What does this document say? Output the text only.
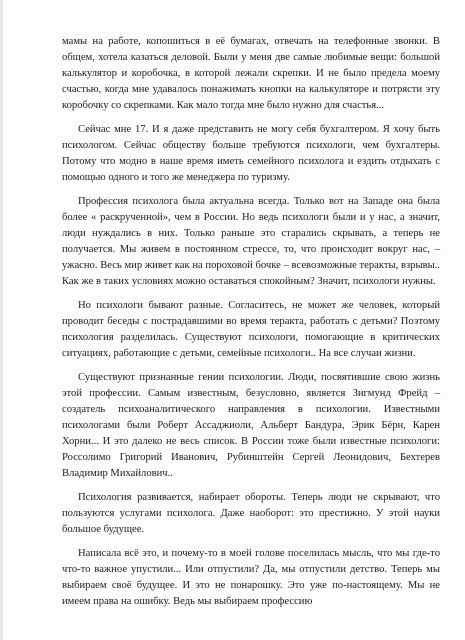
мамы на работе, копошиться в её бумагах, отвечать на телефонные звонки. В общем, хотела казаться деловой. Были у меня две самые любимые вещи: большой калькулятор и коробочка, в которой лежали скрепки. И не было предела моему счастью, когда мне удавалось понажимать кнопки на калькуляторе и потрясти эту коробочку со скрепками. Как мало тогда мне было нужно для счастья...

Сейчас мне 17. И я даже представить не могу себя бухгалтером. Я хочу быть психологом. Сейчас обществу больше требуются психологи, чем бухгалтеры. Потому что модно в наше время иметь семейного психолога и ездить отдыхать с помощью одного и того же менеджера по туризму.

Профессия психолога была актуальна всегда. Только вот на Западе она была более « раскрученной», чем в России. Но ведь психологи были и у нас, а значит, люди нуждались в них. Только раньше это старались скрывать, а теперь не получается. Мы живем в постоянном стрессе, то, что происходит вокруг нас, – ужасно. Весь мир живет как на пороховой бочке – всевозможные теракты, взрывы.. Как же в таких условиях можно оставаться спокойным? Значит, психологи нужны.

Но психологи бывают разные. Согласитесь, не может же человек, который проводит беседы с пострадавшими во время теракта, работать с детьми? Поэтому психология разделилась. Существуют психологи, помогающие в критических ситуациях, работающие с детьми, семейные психологи.. На все случаи жизни.

Существуют признанные гении психологии. Люди, посвятившие свою жизнь этой профессии. Самым известным, безусловно, является Зигмунд Фрейд – создатель психоаналитического направления в психологии. Известными психологами были Роберт Ассаджиоли, Альберт Бандура, Эрик Бёрн, Карен Хорни... И это далеко не весь список. В России тоже были известные психологи: Россолимо Григорий Иванович, Рубинштейн Сергей Леонидович, Бехтерев Владимир Михайлович..

Психология развивается, набирает обороты. Теперь люди не скрывают, что пользуются услугами психолога. Даже наоборот: это престижно. У этой науки большое будущее.

Написала всё это, и почему-то в моей голове поселилась мысль, что мы где-то что-то важное упустили... Или отпустили? Да, мы отпустили детство. Теперь мы выбираем своё будущее. И это не понарошку. Это уже по-настоящему. Мы не имеем права на ошибку. Ведь мы выбираем профессию
